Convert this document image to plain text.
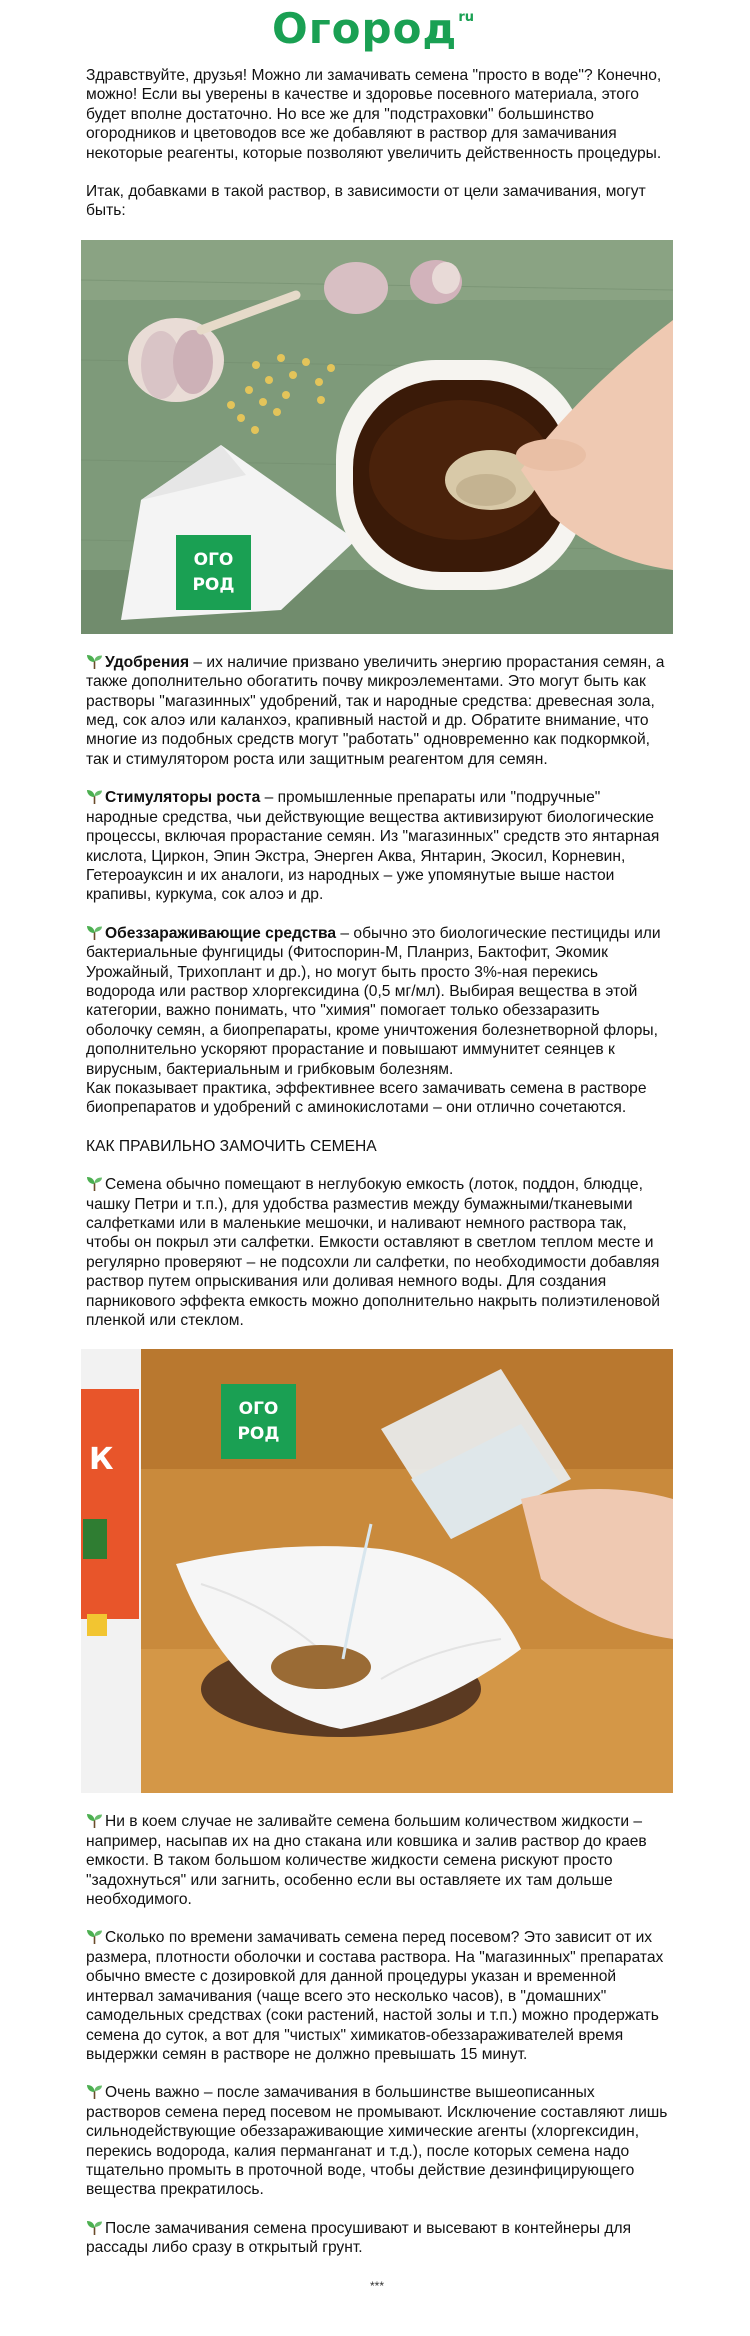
Огород ru

Здравствуйте, друзья! Можно ли замачивать семена "просто в воде"? Конечно, можно! Если вы уверены в качестве и здоровье посевного материала, этого будет вполне достаточно. Но все же для "подстраховки" большинство огородников и цветоводов все же добавляют в раствор для замачивания некоторые реагенты, которые позволяют увеличить действенность процедуры.

Итак, добавками в такой раствор, в зависимости от цели замачивания, могут быть:

ОГО
РОД

Удобрения – их наличие призвано увеличить энергию прорастания семян, а также дополнительно обогатить почву микроэлементами. Это могут быть как растворы "магазинных" удобрений, так и народные средства: древесная зола, мед, сок алоэ или каланхоэ, крапивный настой и др. Обратите внимание, что многие из подобных средств могут "работать" одновременно как подкормкой, так и стимулятором роста или защитным реагентом для семян.

Стимуляторы роста – промышленные препараты или "подручные" народные средства, чьи действующие вещества активизируют биологические процессы, включая прорастание семян. Из "магазинных" средств это янтарная кислота, Циркон, Эпин Экстра, Энерген Аква, Янтарин, Экосил, Корневин, Гетероауксин и их аналоги, из народных – уже упомянутые выше настои крапивы, куркума, сок алоэ и др.

Обеззараживающие средства – обычно это биологические пестициды или бактериальные фунгициды (Фитоспорин-М, Планриз, Бактофит, Экомик Урожайный, Трихоплант и др.), но могут быть просто 3%-ная перекись водорода или раствор хлоргексидина (0,5 мг/мл). Выбирая вещества в этой категории, важно понимать, что "химия" помогает только обеззаразить оболочку семян, а биопрепараты, кроме уничтожения болезнетворной флоры, дополнительно ускоряют прорастание и повышают иммунитет сеянцев к вирусным, бактериальным и грибковым болезням.

Как показывает практика, эффективнее всего замачивать семена в растворе биопрепаратов и удобрений с аминокислотами – они отлично сочетаются.

КАК ПРАВИЛЬНО ЗАМОЧИТЬ СЕМЕНА

Семена обычно помещают в неглубокую емкость (лоток, поддон, блюдце, чашку Петри и т.п.), для удобства разместив между бумажными/тканевыми салфетками или в маленькие мешочки, и наливают немного раствора так, чтобы он покрыл эти салфетки. Емкости оставляют в светлом теплом месте и регулярно проверяют – не подсохли ли салфетки, по необходимости добавляя раствор путем опрыскивания или доливая немного воды. Для создания парникового эффекта емкость можно дополнительно накрыть полиэтиленовой пленкой или стеклом.

К
ОГО
РОД

Ни в коем случае не заливайте семена большим количеством жидкости – например, насыпав их на дно стакана или ковшика и залив раствор до краев емкости. В таком большом количестве жидкости семена рискуют просто "задохнуться" или загнить, особенно если вы оставляете их там дольше необходимого.

Сколько по времени замачивать семена перед посевом? Это зависит от их размера, плотности оболочки и состава раствора. На "магазинных" препаратах обычно вместе с дозировкой для данной процедуры указан и временной интервал замачивания (чаще всего это несколько часов), в "домашних" самодельных средствах (соки растений, настой золы и т.п.) можно продержать семена до суток, а вот для "чистых" химикатов-обеззараживателей время выдержки семян в растворе не должно превышать 15 минут.

Очень важно – после замачивания в большинстве вышеописанных растворов семена перед посевом не промывают. Исключение составляют лишь сильнодействующие обеззараживающие химические агенты (хлоргексидин, перекись водорода, калия перманганат и т.д.), после которых семена надо тщательно промыть в проточной воде, чтобы действие дезинфицирующего вещества прекратилось.

После замачивания семена просушивают и высевают в контейнеры для рассады либо сразу в открытый грунт.

***
